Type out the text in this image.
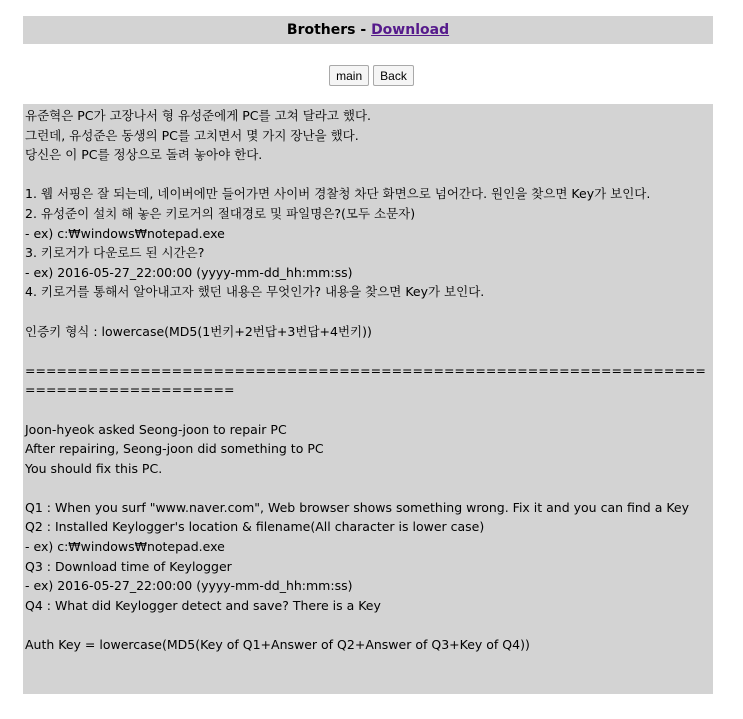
Brothers - Download
main Back
유준혁은 PC가 고장나서 형 유성준에게 PC를 고쳐 달라고 했다.
그런데, 유성준은 동생의 PC를 고치면서 몇 가지 장난을 했다.
당신은 이 PC를 정상으로 돌려 놓아야 한다.
1. 웹 서핑은 잘 되는데, 네이버에만 들어가면 사이버 경찰청 차단 화면으로 넘어간다. 원인을 찾으면 Key가 보인다.
2. 유성준이 설치 해 놓은 키로거의 절대경로 및 파일명은?(모두 소문자)
- ex) c:₩windows₩notepad.exe
3. 키로거가 다운로드 된 시간은?
- ex) 2016-05-27_22:00:00 (yyyy-mm-dd_hh:mm:ss)
4. 키로거를 통해서 알아내고자 했던 내용은 무엇인가? 내용을 찾으면 Key가 보인다.
인증키 형식 : lowercase(MD5(1번키+2번답+3번답+4번키))
=====================================================================================
Joon-hyeok asked Seong-joon to repair PC
After repairing, Seong-joon did something to PC
You should fix this PC.
Q1 : When you surf "www.naver.com", Web browser shows something wrong. Fix it and you can find a Key
Q2 : Installed Keylogger's location & filename(All character is lower case)
- ex) c:₩windows₩notepad.exe
Q3 : Download time of Keylogger
- ex) 2016-05-27_22:00:00 (yyyy-mm-dd_hh:mm:ss)
Q4 : What did Keylogger detect and save? There is a Key
Auth Key = lowercase(MD5(Key of Q1+Answer of Q2+Answer of Q3+Key of Q4))
